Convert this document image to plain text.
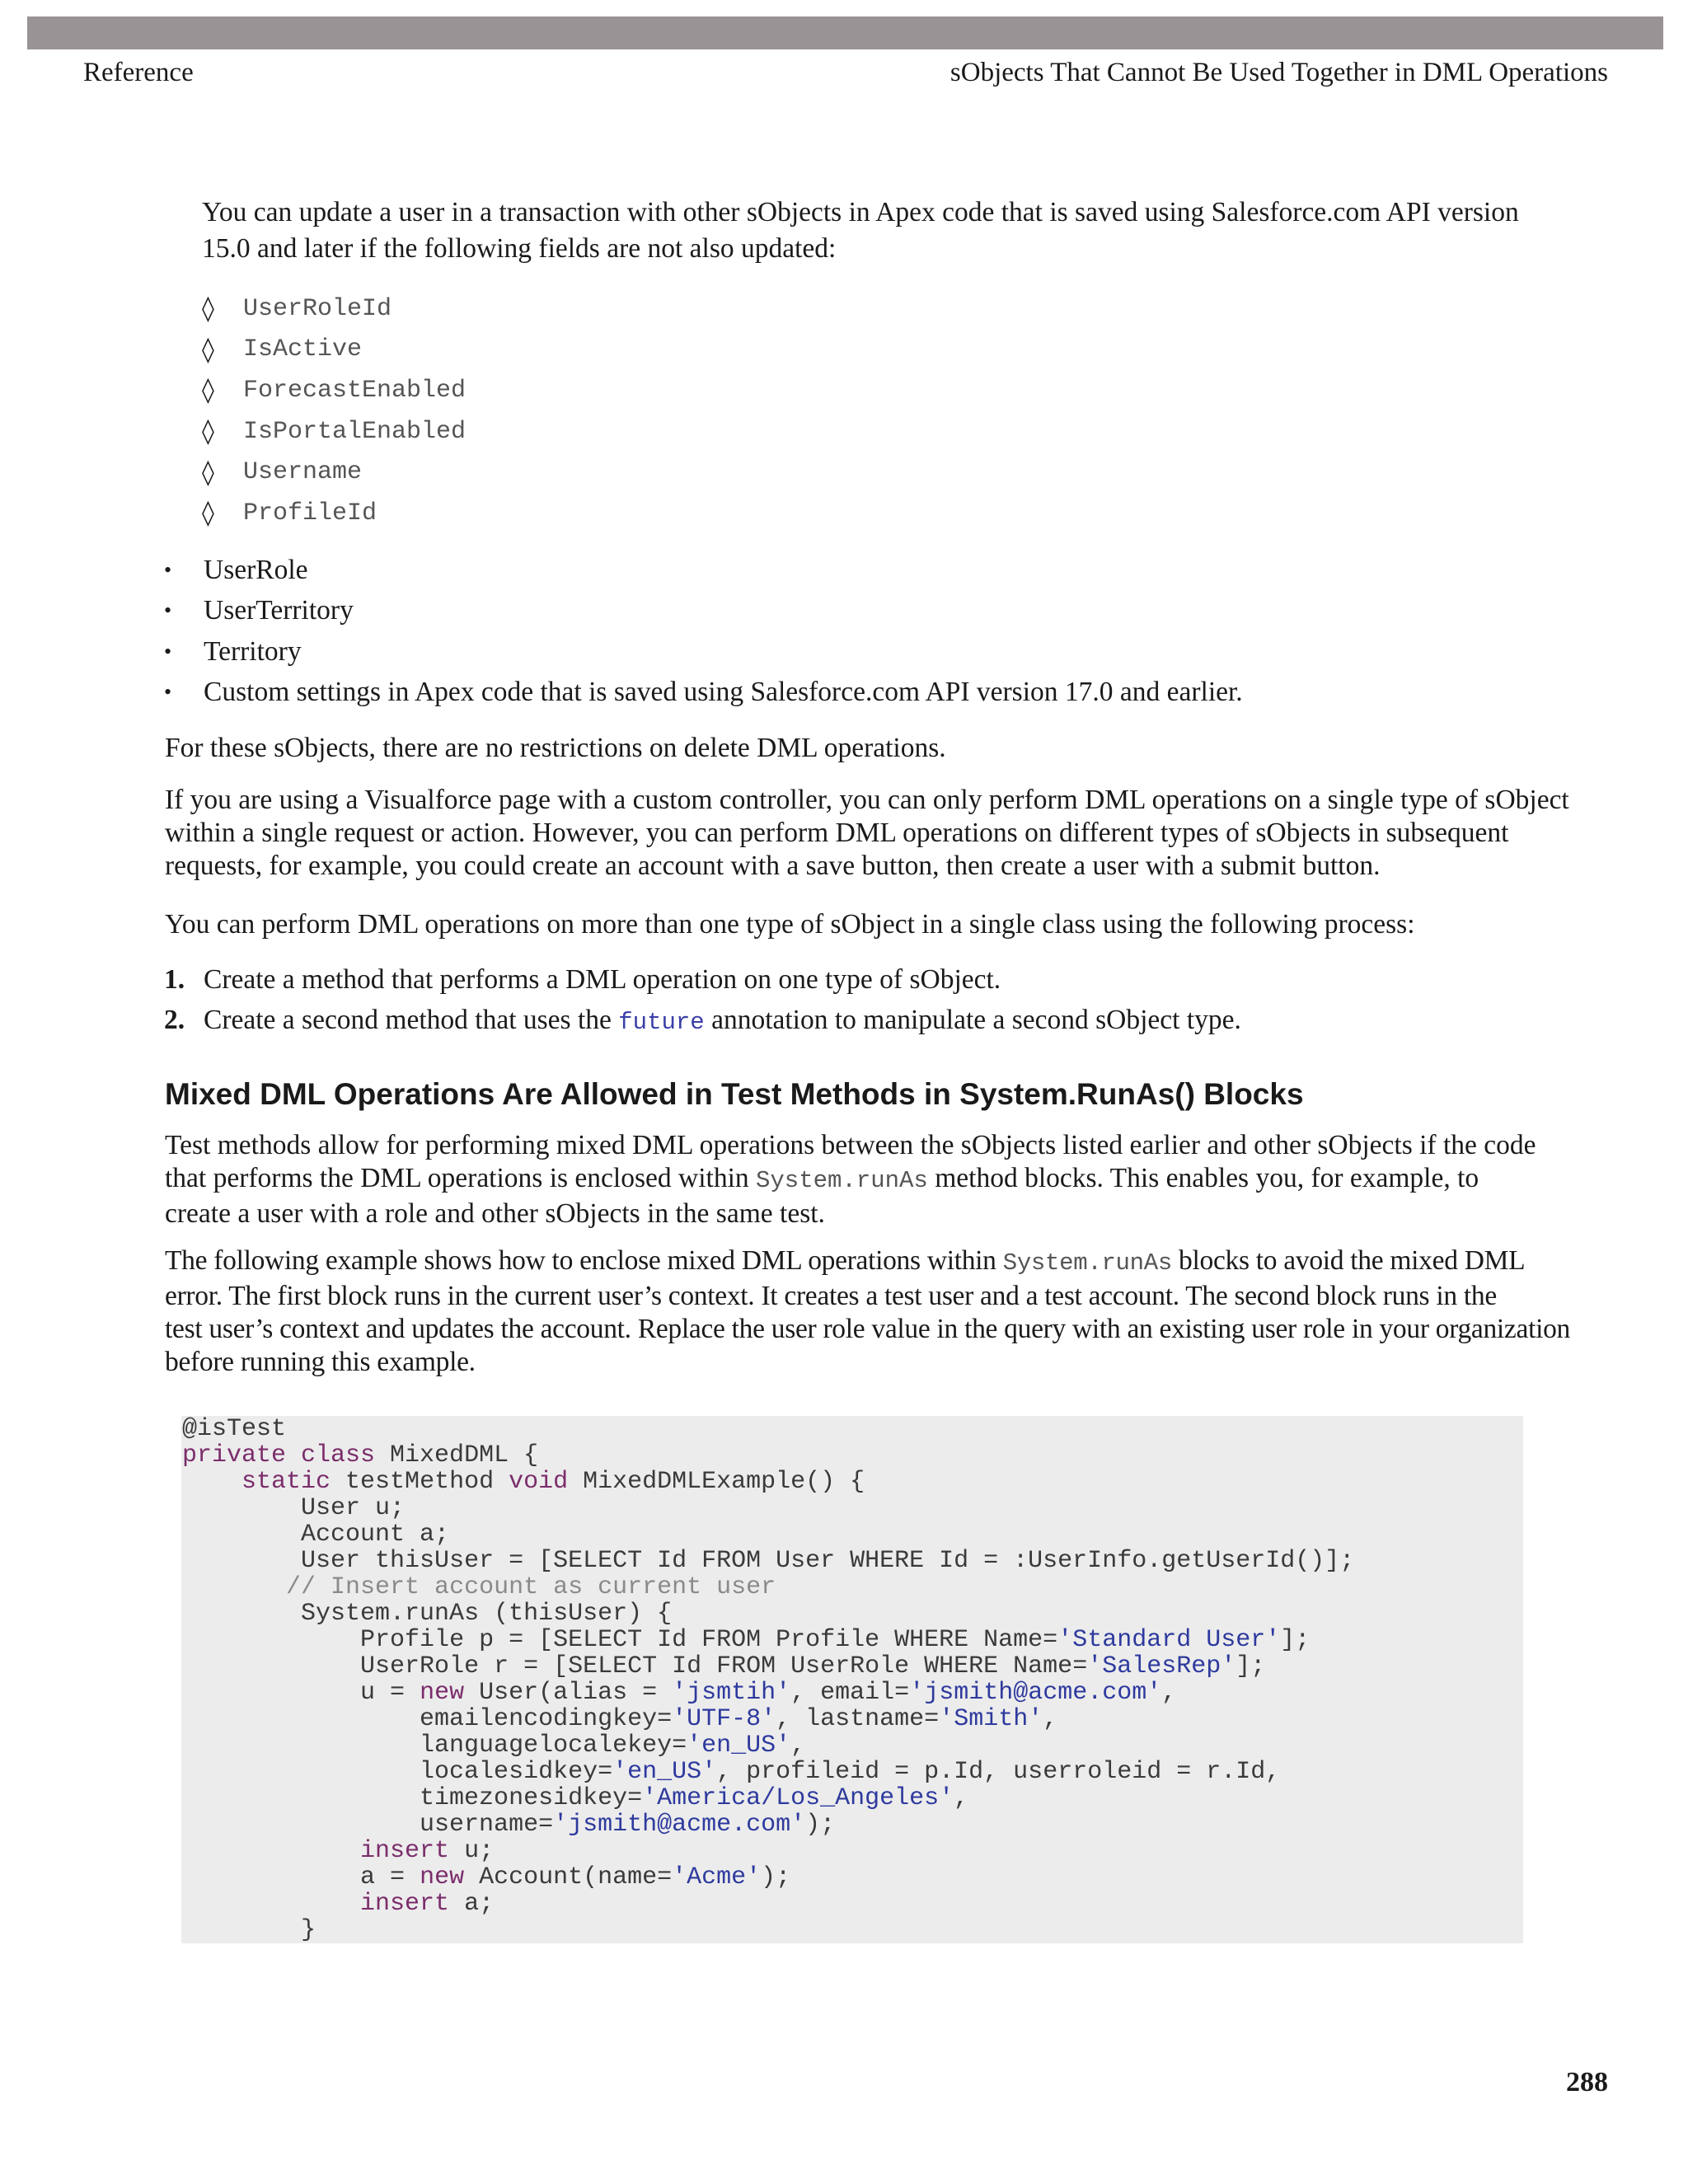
Reference	sObjects That Cannot Be Used Together in DML Operations
You can update a user in a transaction with other sObjects in Apex code that is saved using Salesforce.com API version
15.0 and later if the following fields are not also updated:
◊	UserRoleId
◊	IsActive
◊	ForecastEnabled
◊	IsPortalEnabled
◊	Username
◊	ProfileId
•	UserRole
•	UserTerritory
•	Territory
•	Custom settings in Apex code that is saved using Salesforce.com API version 17.0 and earlier.
For these sObjects, there are no restrictions on delete DML operations.
If you are using a Visualforce page with a custom controller, you can only perform DML operations on a single type of sObject
within a single request or action. However, you can perform DML operations on different types of sObjects in subsequent
requests, for example, you could create an account with a save button, then create a user with a submit button.
You can perform DML operations on more than one type of sObject in a single class using the following process:
1. Create a method that performs a DML operation on one type of sObject.
2. Create a second method that uses the future annotation to manipulate a second sObject type.
Mixed DML Operations Are Allowed in Test Methods in System.RunAs() Blocks
Test methods allow for performing mixed DML operations between the sObjects listed earlier and other sObjects if the code
that performs the DML operations is enclosed within System.runAs method blocks. This enables you, for example, to
create a user with a role and other sObjects in the same test.
The following example shows how to enclose mixed DML operations within System.runAs blocks to avoid the mixed DML
error. The first block runs in the current user’s context. It creates a test user and a test account. The second block runs in the
test user’s context and updates the account. Replace the user role value in the query with an existing user role in your organization
before running this example.
@isTest
private class MixedDML {
static testMethod void MixedDMLExample() {
User u;
Account a;
User thisUser = [SELECT Id FROM User WHERE Id = :UserInfo.getUserId()];
// Insert account as current user
System.runAs (thisUser) {
Profile p = [SELECT Id FROM Profile WHERE Name='Standard User'];
UserRole r = [SELECT Id FROM UserRole WHERE Name='SalesRep'];
u = new User(alias = 'jsmtih', email='jsmith@acme.com',
emailencodingkey='UTF-8', lastname='Smith',
languagelocalekey='en_US',
localesidkey='en_US', profileid = p.Id, userroleid = r.Id,
timezonesidkey='America/Los_Angeles',
username='jsmith@acme.com');
insert u;
a = new Account(name='Acme');
insert a;
}
288
